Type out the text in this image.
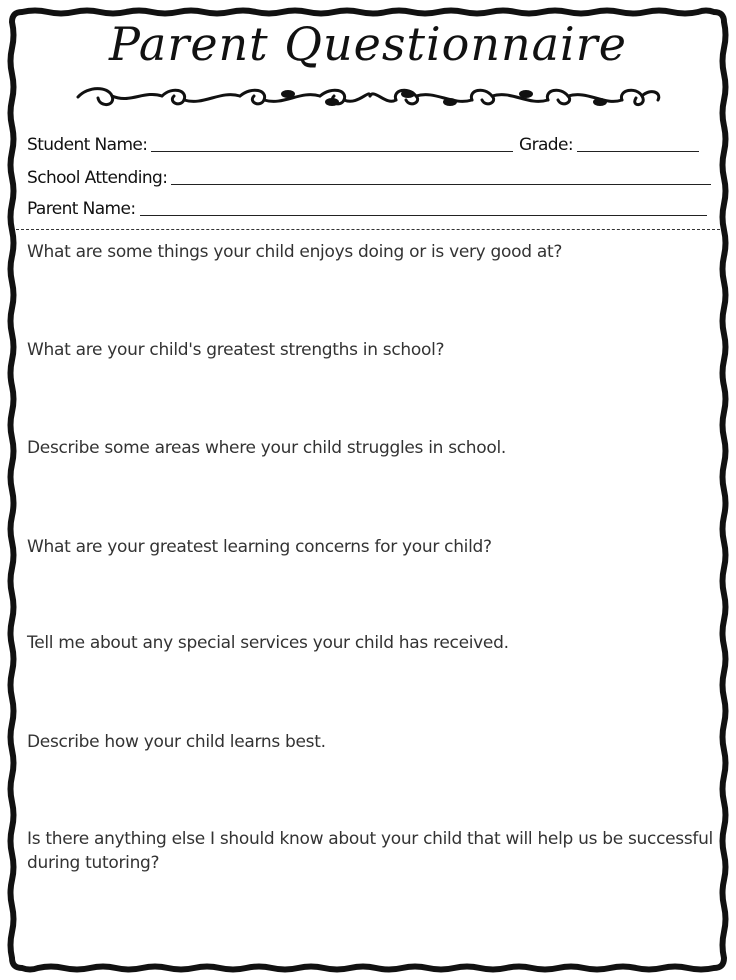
Parent Questionnaire
Student Name:	Grade:
School Attending:
Parent Name:

What are some things your child enjoys doing or is very good at?

What are your child's greatest strengths in school?

Describe some areas where your child struggles in school.

What are your greatest learning concerns for your child?

Tell me about any special services your child has received.

Describe how your child learns best.

Is there anything else I should know about your child that will help us be successful during tutoring?
